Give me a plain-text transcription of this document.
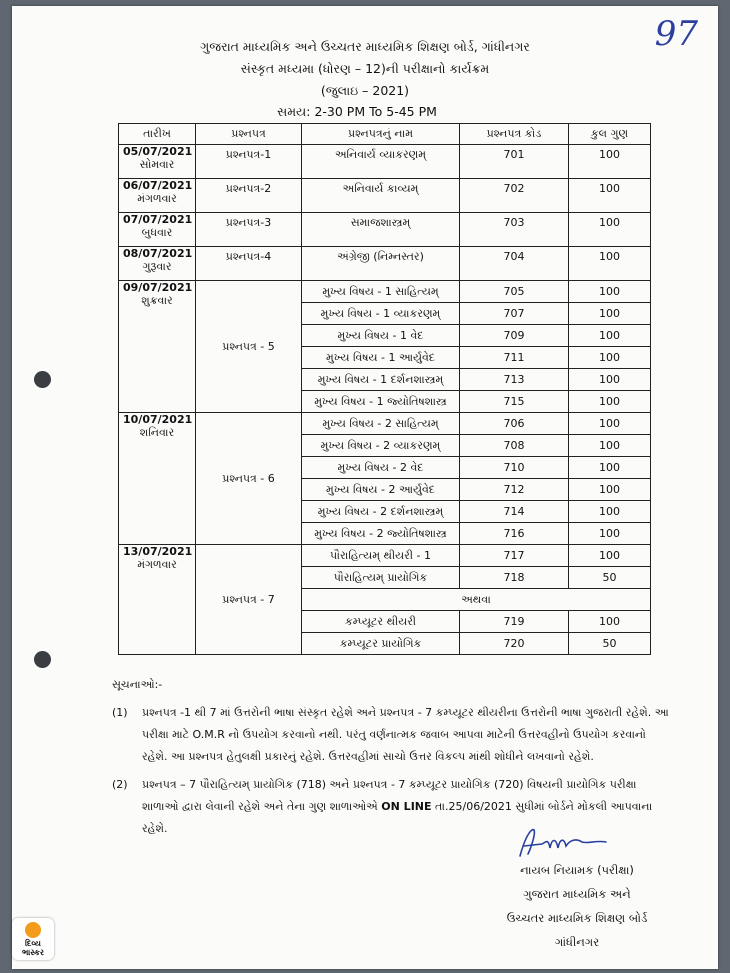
97
ગુજરાત માધ્યમિક અને ઉચ્ચતર માધ્યમિક શિક્ષણ બોર્ડ, ગાંધીનગર
સંસ્કૃત મધ્યમા (ધોરણ – 12)ની પરીક્ષાનો કાર્યક્રમ
(જુલાઇ – 2021)
સમય: 2-30 PM To 5-45 PM
તારીખ	પ્રશ્નપત્ર	પ્રશ્નપત્રનું નામ	પ્રશ્નપત્ર કોડ	કુલ ગુણ

05/07/2021
સોમવાર	પ્રશ્નપત્ર-1	અનિવાર્ય વ્યાકરણમ્	701	100

06/07/2021
મંગળવાર	પ્રશ્નપત્ર-2	અનિવાર્ય કાવ્યમ્	702	100

07/07/2021
બુધવાર	પ્રશ્નપત્ર-3	સમાજશાસ્ત્રમ્	703	100

08/07/2021
ગુરૂવાર	પ્રશ્નપત્ર-4	અંગ્રેજી (નિમ્નસ્તર)	704	100

09/07/2021
શુક્રવાર	પ્રશ્નપત્ર - 5	મુખ્ય વિષય - 1 સાહિત્યમ્	705	100
		મુખ્ય વિષય - 1 વ્યાકરણમ્	707	100
		મુખ્ય વિષય - 1 વેદ	709	100
		મુખ્ય વિષય - 1 આર્યુવેદ	711	100
		મુખ્ય વિષય - 1 દર્શનશાસ્ત્રમ્	713	100
		મુખ્ય વિષય - 1 જ્યોતિષશાસ્ત્ર	715	100

10/07/2021
શનિવાર	પ્રશ્નપત્ર - 6	મુખ્ય વિષય - 2 સાહિત્યમ્	706	100
		મુખ્ય વિષય - 2 વ્યાકરણમ્	708	100
		મુખ્ય વિષય - 2 વેદ	710	100
		મુખ્ય વિષય - 2 આર્યુવેદ	712	100
		મુખ્ય વિષય - 2 દર્શનશાસ્ત્રમ્	714	100
		મુખ્ય વિષય - 2 જ્યોતિષશાસ્ત્ર	716	100

13/07/2021
મંગળવાર	પ્રશ્નપત્ર - 7	પૌરાહિત્યમ્ થીયરી - 1	717	100
		પૌરાહિત્યમ્ પ્રાયોગિક	718	50
		અથવા		
		કમ્પ્યૂટર થીયરી	719	100
		કમ્પ્યૂટર પ્રાયોગિક	720	50
સૂચનાઓ:-
(1) પ્રશ્નપત્ર -1 થી 7 માં ઉત્તરોની ભાષા સંસ્કૃત રહેશે અને પ્રશ્નપત્ર - 7 કમ્પ્યૂટર થીયરીના ઉત્તરોની ભાષા ગુજરાતી રહેશે. આ પરીક્ષા માટે O.M.R નો ઉપયોગ કરવાનો નથી. પરંતુ વર્ણનાત્મક જવાબ આપવા માટેની ઉત્તરવહીનો ઉપયોગ કરવાનો રહેશે. આ પ્રશ્નપત્ર હેતુલક્ષી પ્રકારનું રહેશે. ઉત્તરવહીમાં સાચો ઉત્તર વિકલ્પ માંથી શોધીને લખવાનો રહેશે.
(2) પ્રશ્નપત્ર – 7 પૌરાહિત્યમ્ પ્રાયોગિક (718) અને પ્રશ્નપત્ર - 7 કમ્પ્યૂટર પ્રાયોગિક (720) વિષયની પ્રાયોગિક પરીક્ષા શાળાઓ દ્વારા લેવાની રહેશે અને તેના ગુણ શાળાઓએ ON LINE તા.25/06/2021 સુધીમાં બોર્ડને મોકલી આપવાના રહેશે.
નાયબ નિયામક (પરીક્ષા)
ગુજરાત માધ્યમિક અને
ઉચ્ચતર માધ્યમિક શિક્ષણ બોર્ડ
ગાંધીનગર
દિવ્ય
ભાસ્કર
